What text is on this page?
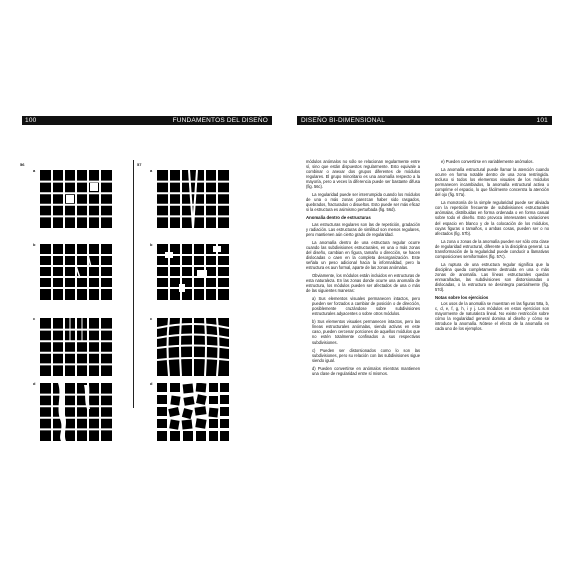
100	FUNDAMENTOS DEL DISEÑO	DISEÑO BI-DIMENSIONAL	101
56	57
a
b
c
d
a
b
c
d

módulos anómalos no sólo se relacionan regularmente entre sí, sino que están dispuestos regularmente. Esto equivale a combinar o anexar dos grupos diferentes de módulos regulares. El grupo minoritario es una anomalía respecto a la mayoría, pero a veces la diferencia puede ser bastante difusa (fig. 56c).

La regularidad puede ser interrumpida cuando los módulos de una o más zonas parezcan haber sido rasgados, quebrados, fracturados o disueltos. Esto puede ser más eficaz si la estructura es asimismo perturbada (fig. 56d).

Anomalía dentro de estructuras

Las estructuras regulares son las de repetición, gradación y radiación. Las estructuras de similitud son menos regulares, pero mantienen aún cierto grado de regularidad.

La anomalía dentro de una estructura regular ocurre cuando las subdivisiones estructurales, en una o más zonas del diseño, cambian en figura, tamaño o dirección, se hacen dislocadas o caen en la completa desorganización. Este señala un peso adicional hacia la informalidad, pero la estructura es aun formal, aparte de las zonas anómalas.

Obviamente, los módulos están incluidos en estructuras de esta naturaleza. En las zonas donde ocurre una anomalía de estructura, los módulos pueden ser afectados de una o más de las siguientes maneras:

a) Sus elementos visuales permanecen intactos, pero pueden ser forzados a cambiar de posición o de dirección, posiblemente cruzándose sobre subdivisiones estructurales adyacentes o sobre otros módulos.

b) Sus elementos visuales permanecen intactos, pero las líneas estructurales anómalas, siendo activas en este caso, pueden cercenar porciones de aquellos módulos que no estén totalmente confinados a sus respectivas subdivisiones.

c) Pueden ser distorsionados como lo son las subdivisiones, pero su relación con las subdivisiones sigue siendo igual.

d) Pueden convertirse en anómalos mientras mantienen una clase de regularidad entre sí mismos.

e) Pueden convertirse en variablemente anómalos.

La anomalía estructural puede llamar la atención cuando ocurre en forma notable dentro de una zona restringida. Incluso si todos los elementos visuales de los módulos permanecen incambiados, la anomalía estructural activa o comprime el espacio, lo que fácilmente concentra la atención del ojo (fig. 57a).

La monotonía de la simple regularidad puede ser aliviada con la repetición frecuente de subdivisiones estructurales anómalas, distribuidas en forma ordenada o en forma casual sobre todo el diseño. Esto provoca interesantes variaciones del espacio en blanco y de la colocación de los módulos, cuyas figuras o tamaños, o ambas cosas, pueden ser o no afectados (fig. 57b).

La zona o zonas de la anomalía pueden ser sólo otra clase de regularidad estructural, diferente a la disciplina general. La transformación de la regularidad puede conducir a llamativas composiciones semiformales (fig. 57c).

La ruptura de una estructura regular significa que la disciplina queda completamente destruida en una o más zonas de anomalía. Las líneas estructurales quedan enmarañadas, las subdivisiones son distorsionadas o dislocadas, o la estructura se desintegra parcialmente (fig. 57d).

Notas sobre los ejercicios

Los usos de la anomalía se muestran en las figuras 58a, b, c, d, e, f, g, h, i y j. Los módulos en estos ejercicios son mayormente de naturaleza lineal. No existe restricción sobre cómo la regularidad general domina al diseño y cómo se introduce la anomalía. Nótese el efecto de la anomalía en cada uno de los ejemplos.
